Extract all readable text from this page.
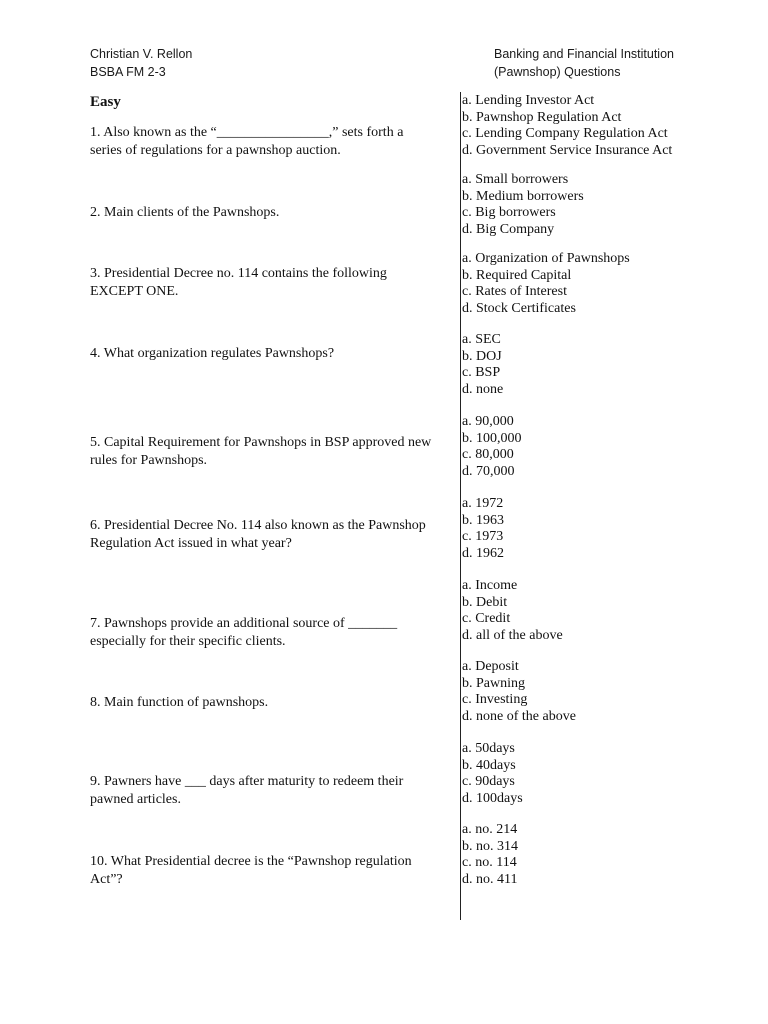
Christian V. Rellon
BSBA FM 2-3
Banking and Financial Institution
(Pawnshop) Questions
Easy
1. Also known as the “________________,” sets forth a
series of regulations for a pawnshop auction.
a. Lending Investor Act
b. Pawnshop Regulation Act
c. Lending Company Regulation Act
d. Government Service Insurance Act
2. Main clients of the Pawnshops.
a. Small borrowers
b. Medium borrowers
c. Big borrowers
d. Big Company
3. Presidential Decree no. 114 contains the following
EXCEPT ONE.
a. Organization of Pawnshops
b. Required Capital
c. Rates of Interest
d. Stock Certificates
4. What organization regulates Pawnshops?
a. SEC
b. DOJ
c. BSP
d. none
5. Capital Requirement for Pawnshops in BSP approved new
rules for Pawnshops.
a. 90,000
b. 100,000
c. 80,000
d. 70,000
6. Presidential Decree No. 114 also known as the Pawnshop
Regulation Act issued in what year?
a. 1972
b. 1963
c. 1973
d. 1962
7. Pawnshops provide an additional source of _______
especially for their specific clients.
a. Income
b. Debit
c. Credit
d. all of the above
8. Main function of pawnshops.
a. Deposit
b. Pawning
c. Investing
d. none of the above
9. Pawners have ___ days after maturity to redeem their
pawned articles.
a. 50days
b. 40days
c. 90days
d. 100days
10. What Presidential decree is the “Pawnshop regulation
Act”?
a. no. 214
b. no. 314
c. no. 114
d. no. 411
